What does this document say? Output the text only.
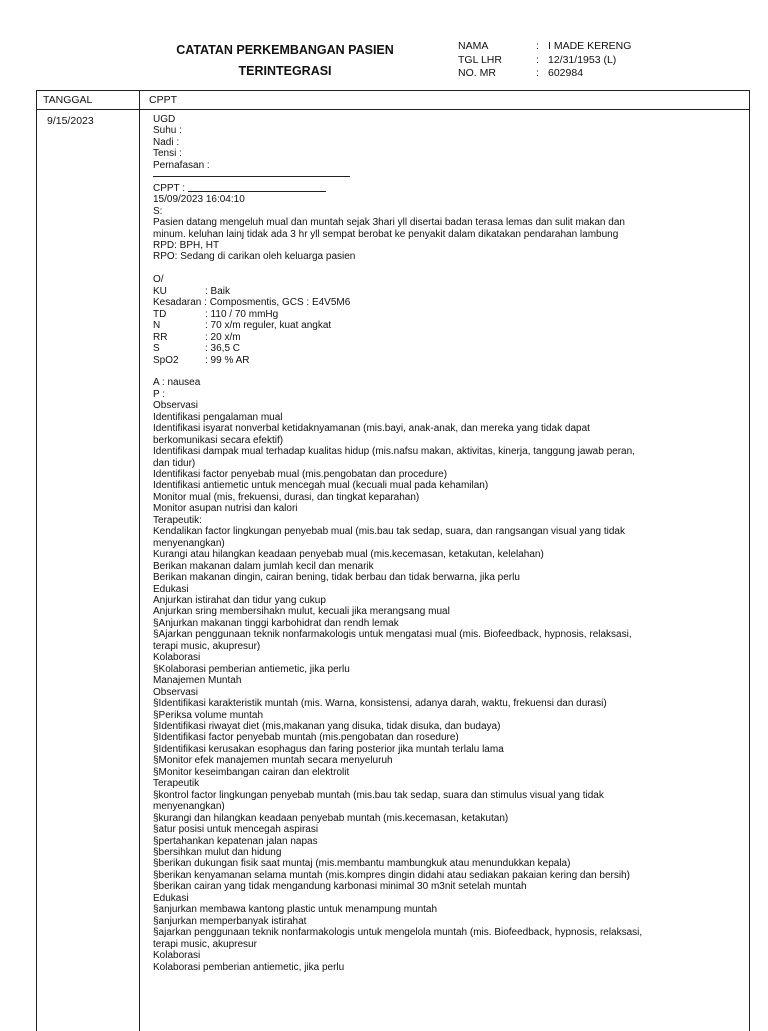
CATATAN PERKEMBANGAN PASIEN
TERINTEGRASI
NAMA	: I MADE KERENG
TGL LHR	: 12/31/1953 (L)
NO. MR	: 602984
TANGGAL	CPPT
9/15/2023	UGD
Suhu :
Nadi :
Tensi :
Pernafasan :
CPPT :
15/09/2023 16:04:10
S:
Pasien datang mengeluh mual dan muntah sejak 3hari yll disertai badan terasa lemas dan sulit makan dan
minum. keluhan lainj tidak ada 3 hr yll sempat berobat ke penyakit dalam dikatakan pendarahan lambung
RPD: BPH, HT
RPO: Sedang di carikan oleh keluarga pasien
O/
KU	: Baik
Kesadaran : Composmentis, GCS : E4V5M6
TD	: 110 / 70 mmHg
N	: 70 x/m reguler, kuat angkat
RR	: 20 x/m
S	: 36,5 C
SpO2	: 99 % AR
A : nausea
P :
Observasi
Identifikasi pengalaman mual
Identifikasi isyarat nonverbal ketidaknyamanan (mis.bayi, anak-anak, dan mereka yang tidak dapat
berkomunikasi secara efektif)
Identifikasi dampak mual terhadap kualitas hidup (mis.nafsu makan, aktivitas, kinerja, tanggung jawab peran,
dan tidur)
Identifikasi factor penyebab mual (mis.pengobatan dan procedure)
Identifikasi antiemetic untuk mencegah mual (kecuali mual pada kehamilan)
Monitor mual (mis, frekuensi, durasi, dan tingkat keparahan)
Monitor asupan nutrisi dan kalori
Terapeutik:
Kendalikan factor lingkungan penyebab mual (mis.bau tak sedap, suara, dan rangsangan visual yang tidak
menyenangkan)
Kurangi atau hilangkan keadaan penyebab mual (mis.kecemasan, ketakutan, kelelahan)
Berikan makanan dalam jumlah kecil dan menarik
Berikan makanan dingin, cairan bening, tidak berbau dan tidak berwarna, jika perlu
Edukasi
Anjurkan istirahat dan tidur yang cukup
Anjurkan sring membersihakn mulut, kecuali jika merangsang mual
§Anjurkan makanan tinggi karbohidrat dan rendh lemak
§Ajarkan penggunaan teknik nonfarmakologis untuk mengatasi mual (mis. Biofeedback, hypnosis, relaksasi,
terapi music, akupresur)
Kolaborasi
§Kolaborasi pemberian antiemetic, jika perlu
Manajemen Muntah
Observasi
§Identifikasi karakteristik muntah (mis. Warna, konsistensi, adanya darah, waktu, frekuensi dan durasi)
§Periksa volume muntah
§Identifikasi riwayat diet (mis,makanan yang disuka, tidak disuka, dan budaya)
§Identifikasi factor penyebab muntah (mis.pengobatan dan rosedure)
§Identifikasi kerusakan esophagus dan faring posterior jika muntah terlalu lama
§Monitor efek manajemen muntah secara menyeluruh
§Monitor keseimbangan cairan dan elektrolit
Terapeutik
§kontrol factor lingkungan penyebab muntah (mis.bau tak sedap, suara dan stimulus visual yang tidak
menyenangkan)
§kurangi dan hilangkan keadaan penyebab muntah (mis.kecemasan, ketakutan)
§atur posisi untuk mencegah aspirasi
§pertahankan kepatenan jalan napas
§bersihkan mulut dan hidung
§berikan dukungan fisik saat muntaj (mis.membantu mambungkuk atau menundukkan kepala)
§berikan kenyamanan selama muntah (mis.kompres dingin didahi atau sediakan pakaian kering dan bersih)
§berikan cairan yang tidak mengandung karbonasi minimal 30 m3nit setelah muntah
Edukasi
§anjurkan membawa kantong plastic untuk menampung muntah
§anjurkan memperbanyak istirahat
§ajarkan penggunaan teknik nonfarmakologis untuk mengelola muntah (mis. Biofeedback, hypnosis, relaksasi,
terapi music, akupresur
Kolaborasi
Kolaborasi pemberian antiemetic, jika perlu
